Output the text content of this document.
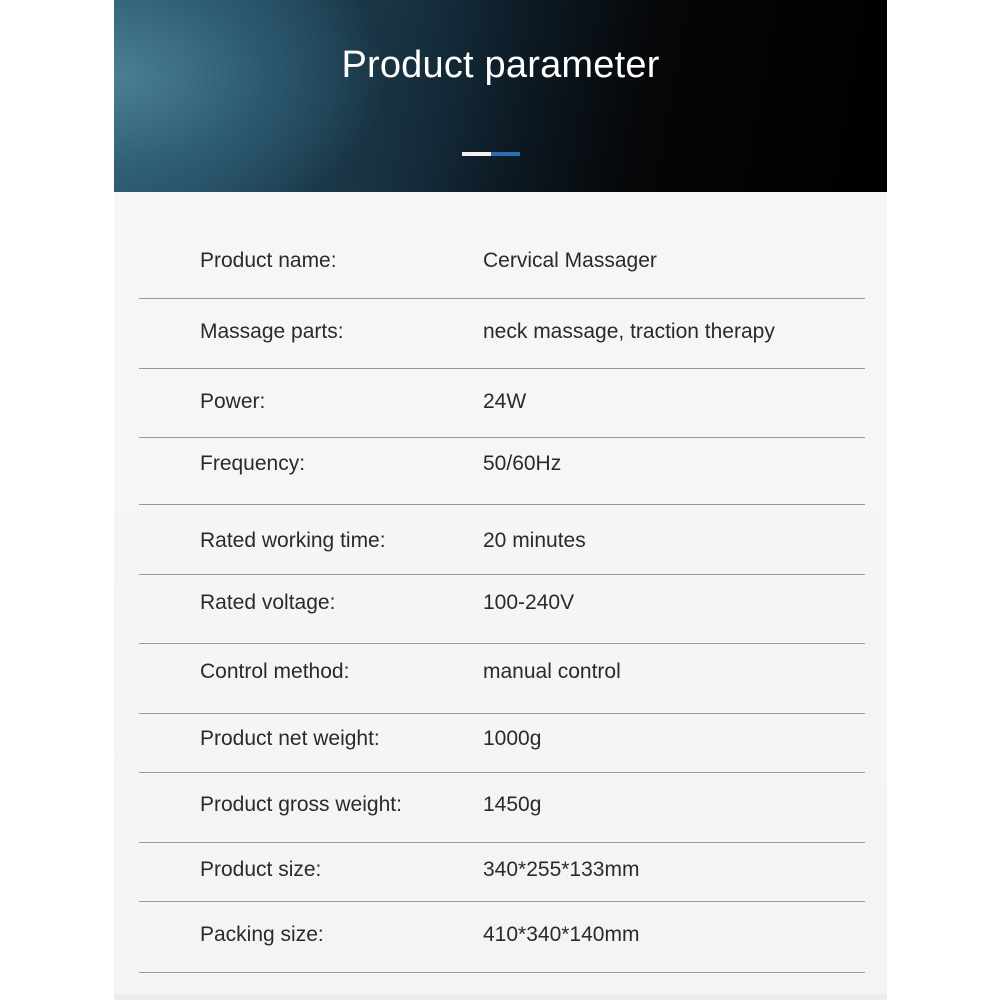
Product parameter
Product name:	Cervical Massager
Massage parts:	neck massage, traction therapy
Power:	24W
Frequency:	50/60Hz
Rated working time:	20 minutes
Rated voltage:	100-240V
Control method:	manual control
Product net weight:	1000g
Product gross weight:	1450g
Product size:	340*255*133mm
Packing size:	410*340*140mm
